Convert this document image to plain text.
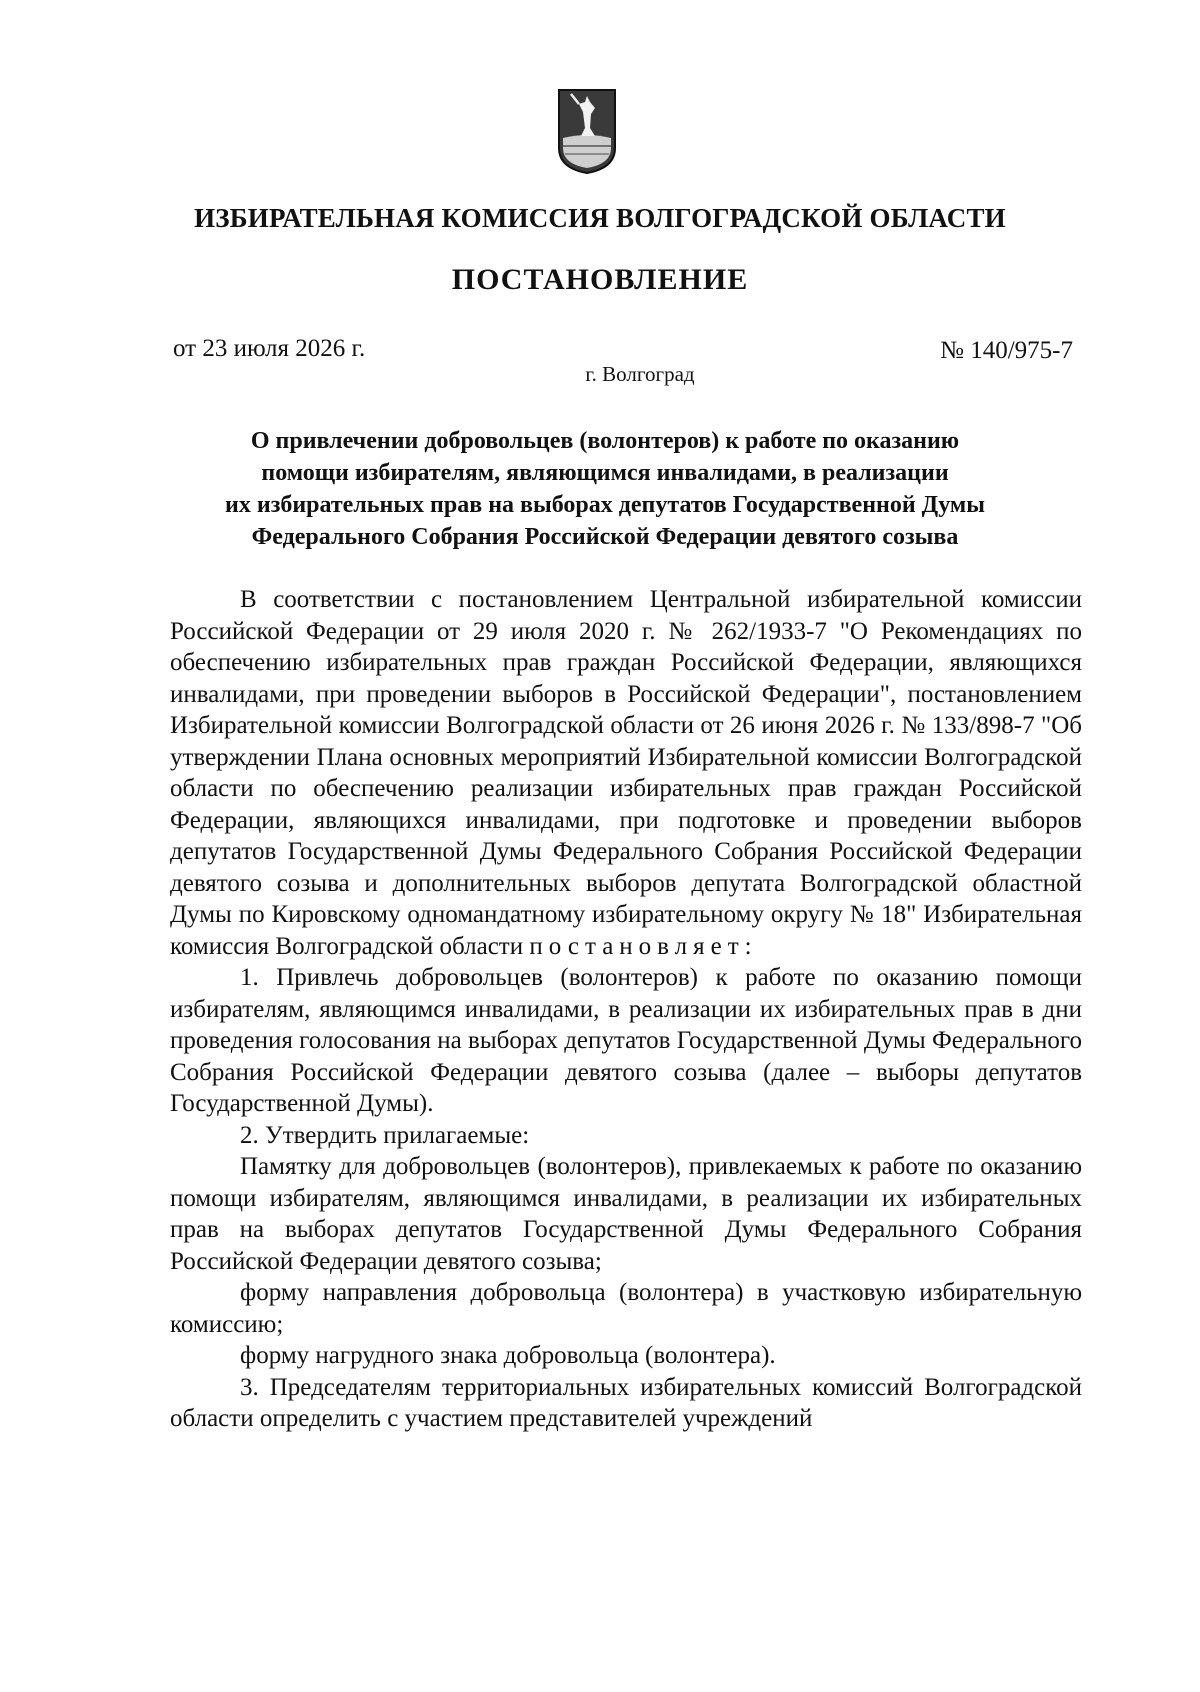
ИЗБИРАТЕЛЬНАЯ КОМИССИЯ ВОЛГОГРАДСКОЙ ОБЛАСТИ
ПОСТАНОВЛЕНИЕ
от 23 июля 2026 г.	№ 140/975-7
г. Волгоград
О привлечении добровольцев (волонтеров) к работе по оказанию
помощи избирателям, являющимся инвалидами, в реализации
их избирательных прав на выборах депутатов Государственной Думы
Федерального Собрания Российской Федерации девятого созыва

В соответствии с постановлением Центральной избирательной комиссии Российской Федерации от 29 июля 2020 г. № 262/1933-7 "О Рекомендациях по обеспечению избирательных прав граждан Российской Федерации, являющихся инвалидами, при проведении выборов в Российской Федерации", постановлением Избирательной комиссии Волгоградской области от 26 июня 2026 г. № 133/898-7 "Об утверждении Плана основных мероприятий Избирательной комиссии Волгоградской области по обеспечению реализации избирательных прав граждан Российской Федерации, являющихся инвалидами, при подготовке и проведении выборов депутатов Государственной Думы Федерального Собрания Российской Федерации девятого созыва и дополнительных выборов депутата Волгоградской областной Думы по Кировскому одномандатному избирательному округу № 18" Избирательная комиссия Волгоградской области постановляет:

1. Привлечь добровольцев (волонтеров) к работе по оказанию помощи избирателям, являющимся инвалидами, в реализации их избирательных прав в дни проведения голосования на выборах депутатов Государственной Думы Федерального Собрания Российской Федерации девятого созыва (далее – выборы депутатов Государственной Думы).

2. Утвердить прилагаемые:

Памятку для добровольцев (волонтеров), привлекаемых к работе по оказанию помощи избирателям, являющимся инвалидами, в реализации их избирательных прав на выборах депутатов Государственной Думы Федерального Собрания Российской Федерации девятого созыва;

форму направления добровольца (волонтера) в участковую избирательную комиссию;

форму нагрудного знака добровольца (волонтера).

3. Председателям территориальных избирательных комиссий Волгоградской области определить с участием представителей учреждений
